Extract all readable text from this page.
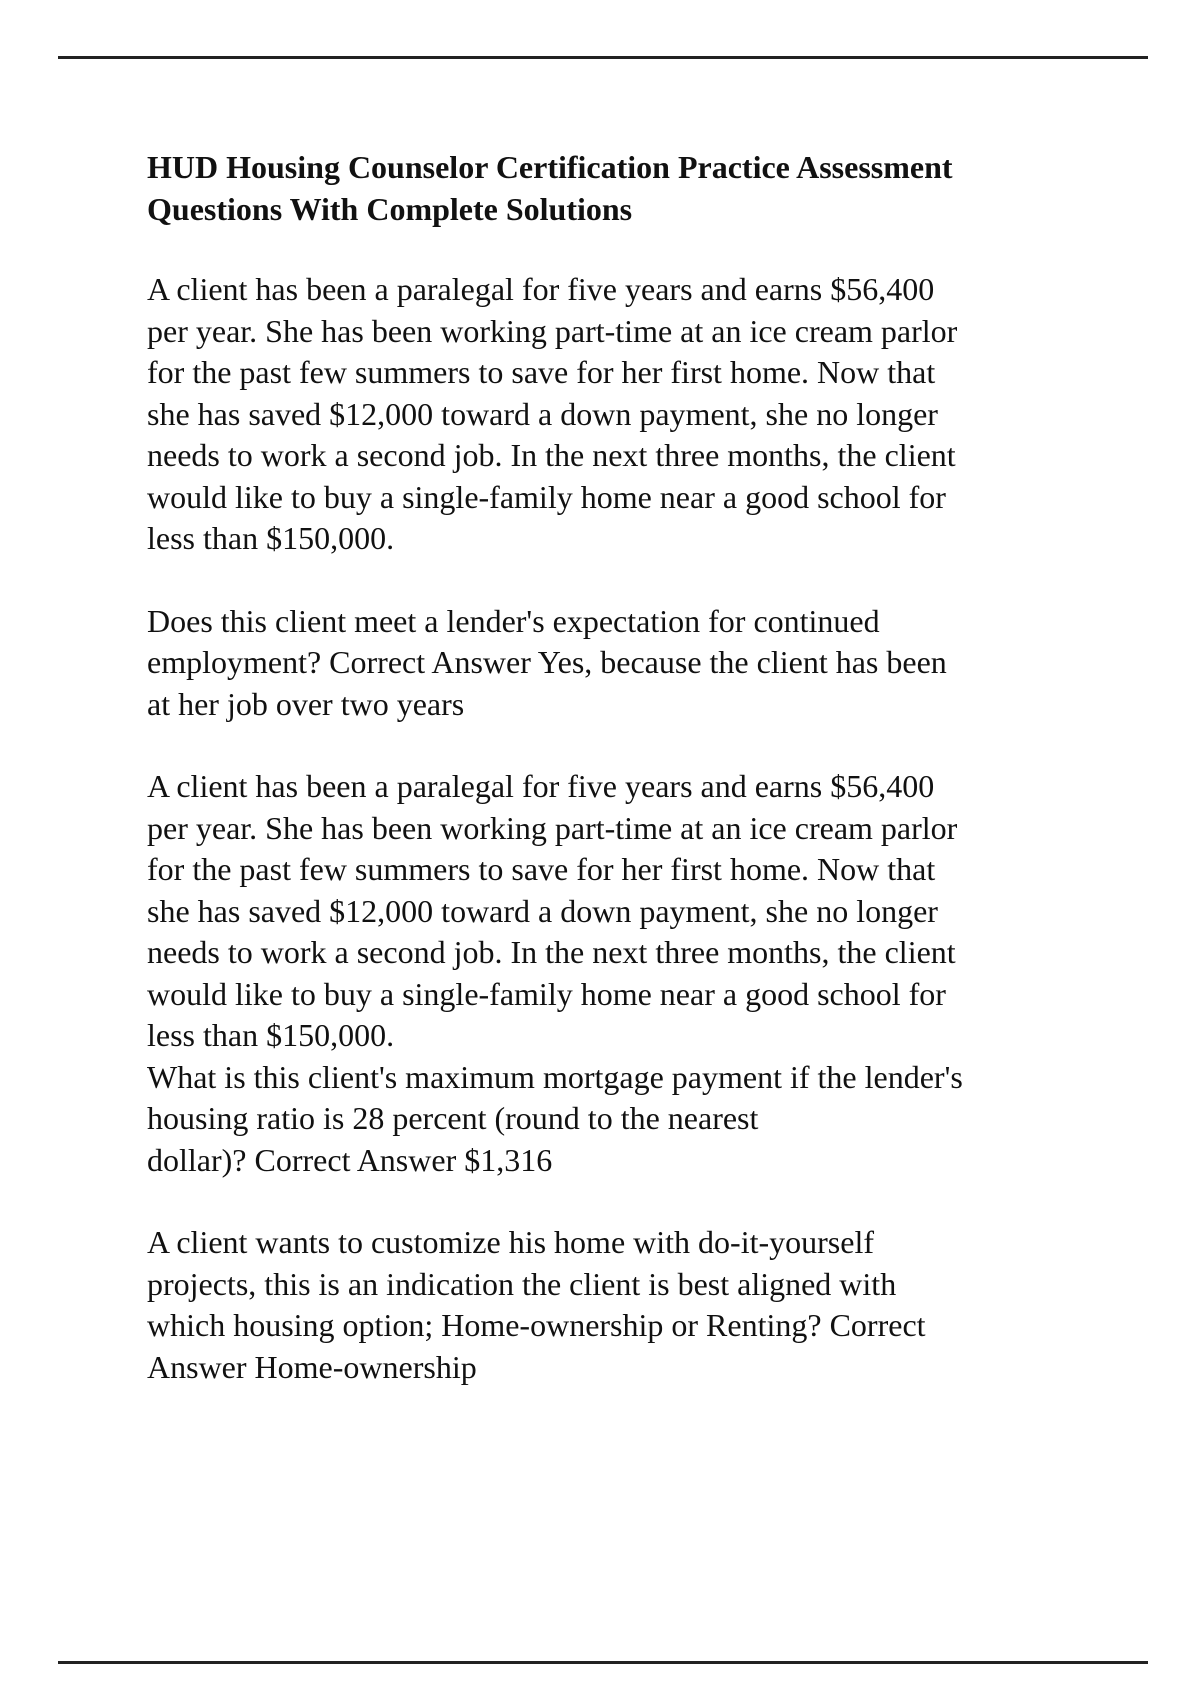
HUD Housing Counselor Certification Practice Assessment
Questions With Complete Solutions
A client has been a paralegal for five years and earns $56,400
per year. She has been working part-time at an ice cream parlor
for the past few summers to save for her first home. Now that
she has saved $12,000 toward a down payment, she no longer
needs to work a second job. In the next three months, the client
would like to buy a single-family home near a good school for
less than $150,000.
Does this client meet a lender's expectation for continued
employment? Correct Answer Yes, because the client has been
at her job over two years
A client has been a paralegal for five years and earns $56,400
per year. She has been working part-time at an ice cream parlor
for the past few summers to save for her first home. Now that
she has saved $12,000 toward a down payment, she no longer
needs to work a second job. In the next three months, the client
would like to buy a single-family home near a good school for
less than $150,000.
What is this client's maximum mortgage payment if the lender's
housing ratio is 28 percent (round to the nearest
dollar)? Correct Answer $1,316
A client wants to customize his home with do-it-yourself
projects, this is an indication the client is best aligned with
which housing option; Home-ownership or Renting? Correct
Answer Home-ownership
